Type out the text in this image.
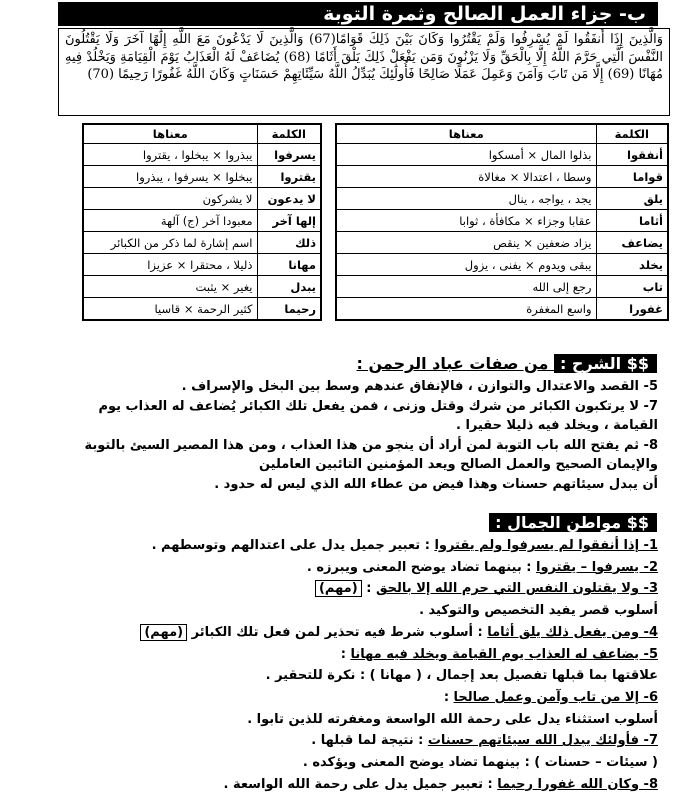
ب- جزاء العمل الصالح وثمرة التوبة
وَالَّذِينَ إِذَا أَنفَقُوا لَمْ يُسْرِفُوا وَلَمْ يَقْتُرُوا وَكَانَ بَيْنَ ذَلِكَ قَوَامًا(67) وَالَّذِينَ لَا يَدْعُونَ مَعَ اللَّهِ إِلَٰهًا آخَرَ وَلَا يَقْتُلُونَ النَّفْسَ الَّتِي حَرَّمَ اللَّهُ إِلَّا بِالْحَقِّ وَلَا يَزْنُونَ وَمَن يَفْعَلْ ذَلِكَ يَلْقَ أَثَامًا (68) يُضَاعَفْ لَهُ الْعَذَابُ يَوْمَ الْقِيَامَةِ وَيَخْلُدْ فِيهِ مُهَانًا (69) إِلَّا مَن تَابَ وَآمَنَ وَعَمِلَ عَمَلًا صَالِحًا فَأُولَٰئِكَ يُبَدِّلُ اللَّهُ سَيِّئَاتِهِمْ حَسَنَاتٍ وَكَانَ اللَّهُ غَفُورًا رَحِيمًا (70)
الكلمة	معناها
أنفقوا	بذلوا المال × أمسكوا
قواما	وسطا ، اعتدالا × مغالاة
يلق	يجد ، يواجه ، ينال
أثاما	عقابا وجزاء × مكافأة ، ثوابا
يضاعف	يزاد ضعفين × ينقص
يخلد	يبقى ويدوم × يفنى ، يزول
تاب	رجع إلى الله
غفورا	واسع المغفرة
الكلمة	معناها
يسرفوا	يبذروا × يبخلوا ، يقتروا
يقتروا	يبخلوا × يسرفوا ، يبذروا
لا يدعون	لا يشركون
إلها آخر	معبودا آخر (ج) آلهة
ذلك	اسم إشارة لما ذكر من الكبائر
مهانا	ذليلا ، محتقرا × عزيزا
يبدل	يغير × يثبت
رحيما	كثير الرحمة × قاسيا
$$ الشرح : من صفات عباد الرحمن :

5- القصد والاعتدال والتوازن ، فالإنفاق عندهم وسط بين البخل والإسراف .

7- لا يرتكبون الكبائر من شرك وقتل وزنى ، فمن يفعل تلك الكبائر يُضاعف له العذاب يوم

القيامة ، ويخلد فيه ذليلا حقيرا .

8- ثم يفتح الله باب التوبة لمن أراد أن ينجو من هذا العذاب ، ومن هذا المصير السيئ بالتوبة

والإيمان الصحيح والعمل الصالح ويعد المؤمنين التائبين العاملين

أن يبدل سيئاتهم حسنات وهذا فيض من عطاء الله الذي ليس له حدود .

$$ مواطن الجمال :
1- إذا أنفقوا لم يسرفوا ولم يقتروا : تعبير جميل يدل على اعتدالهم وتوسطهم .
2- يسرفوا – يقتروا : بينهما تضاد يوضح المعنى ويبرزه .
3- ولا يقتلون النفس التي حرم الله إلا بالحق : (مهم)
أسلوب قصر يفيد التخصيص والتوكيد .
4- ومن يفعل ذلك يلق أثاما : أسلوب شرط فيه تحذير لمن فعل تلك الكبائر (مهم)
5- يضاعف له العذاب يوم القيامة ويخلد فيه مهانا :
علاقتها بما قبلها تفصيل بعد إجمال ، ( مهانا ) : نكرة للتحقير .
6- إلا من تاب وآمن وعمل صالحا :
أسلوب استثناء يدل على رحمة الله الواسعة ومغفرته للذين تابوا .
7- فأولئك يبدل الله سيئاتهم حسنات : نتيجة لما قبلها .
( سيئات – حسنات ) : بينهما تضاد يوضح المعنى ويؤكده .
8- وكان الله غفورا رحيما : تعبير جميل يدل على رحمة الله الواسعة .
